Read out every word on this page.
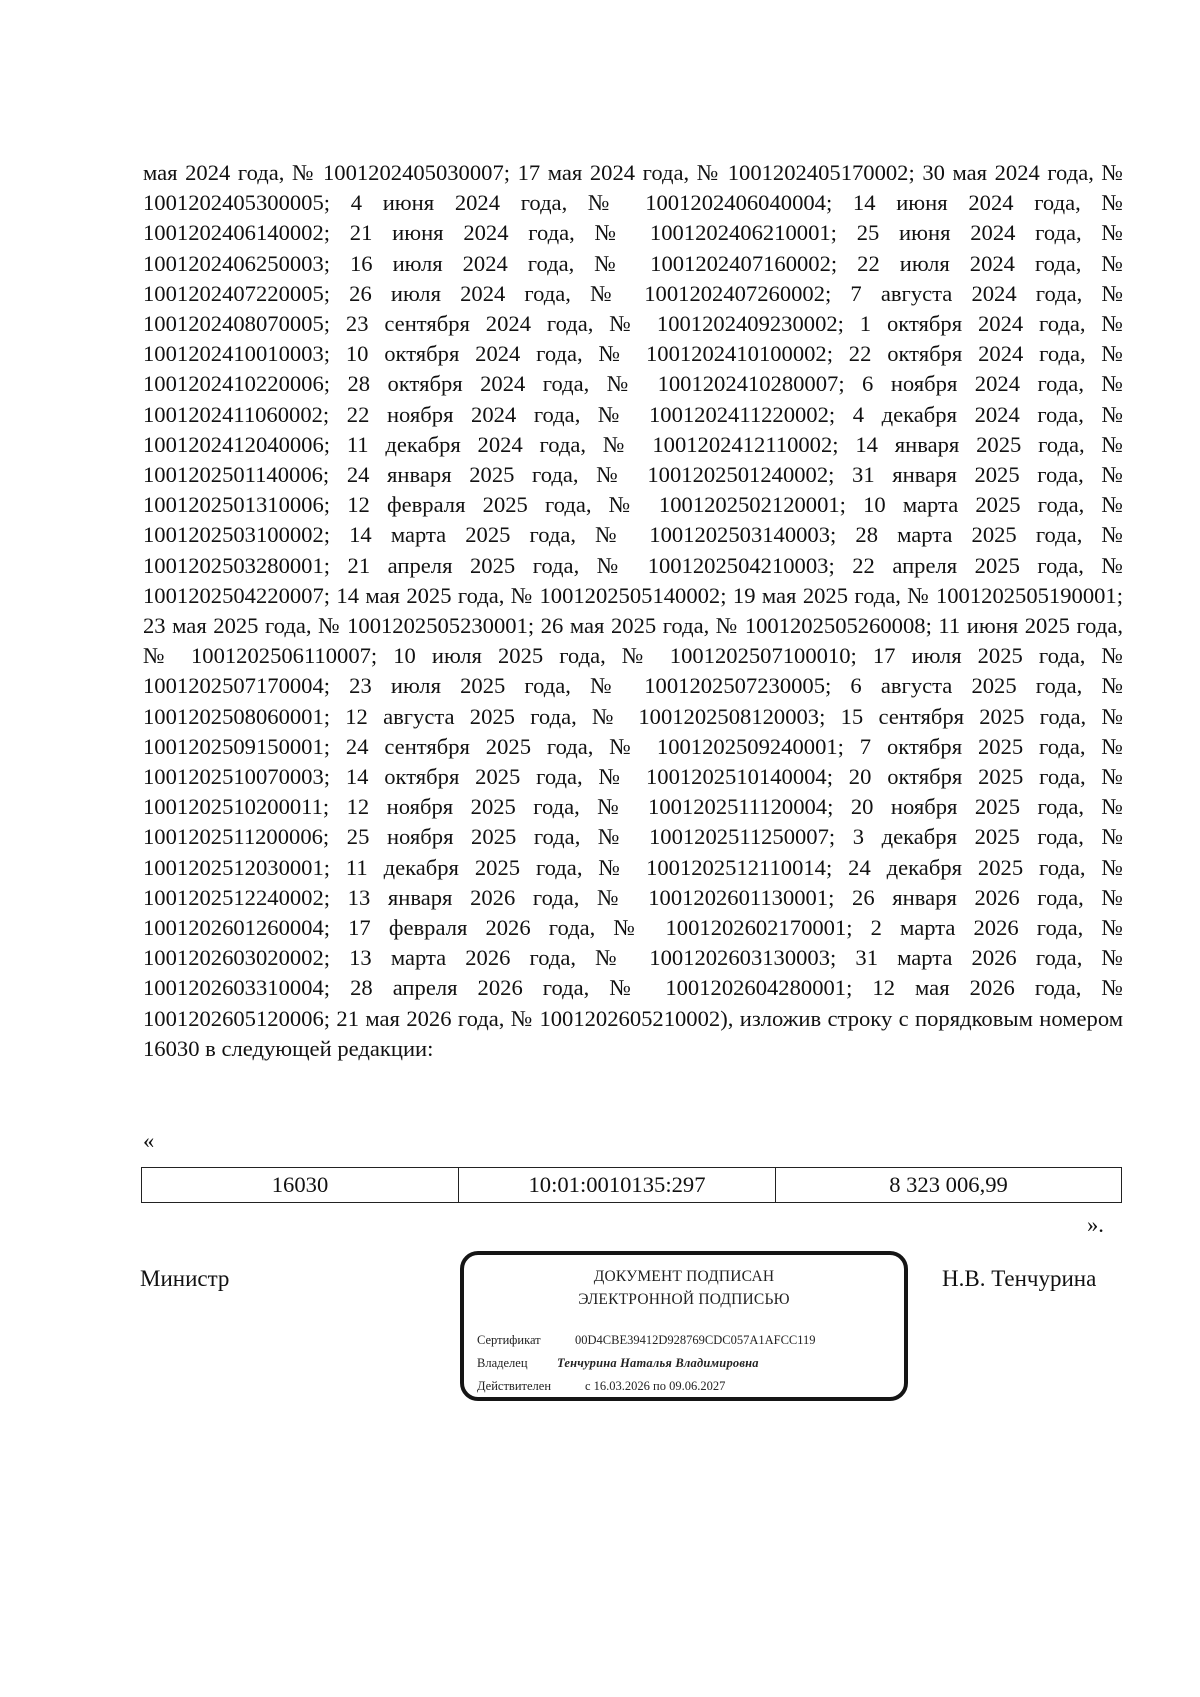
мая 2024 года, № 1001202405030007; 17 мая 2024 года, № 1001202405170002; 30 мая 2024 года, № 1001202405300005; 4 июня 2024 года, № 1001202406040004; 14 июня 2024 года, № 1001202406140002; 21 июня 2024 года, № 1001202406210001; 25 июня 2024 года, № 1001202406250003; 16 июля 2024 года, № 1001202407160002; 22 июля 2024 года, № 1001202407220005; 26 июля 2024 года, № 1001202407260002; 7 августа 2024 года, № 1001202408070005; 23 сентября 2024 года, № 1001202409230002; 1 октября 2024 года, № 1001202410010003; 10 октября 2024 года, № 1001202410100002; 22 октября 2024 года, № 1001202410220006; 28 октября 2024 года, № 1001202410280007; 6 ноября 2024 года, № 1001202411060002; 22 ноября 2024 года, № 1001202411220002; 4 декабря 2024 года, № 1001202412040006; 11 декабря 2024 года, № 1001202412110002; 14 января 2025 года, № 1001202501140006; 24 января 2025 года, № 1001202501240002; 31 января 2025 года, № 1001202501310006; 12 февраля 2025 года, № 1001202502120001; 10 марта 2025 года, № 1001202503100002; 14 марта 2025 года, № 1001202503140003; 28 марта 2025 года, № 1001202503280001; 21 апреля 2025 года, № 1001202504210003; 22 апреля 2025 года, № 1001202504220007; 14 мая 2025 года, № 1001202505140002; 19 мая 2025 года, № 1001202505190001; 23 мая 2025 года, № 1001202505230001; 26 мая 2025 года, № 1001202505260008; 11 июня 2025 года, № 1001202506110007; 10 июля 2025 года, № 1001202507100010; 17 июля 2025 года, № 1001202507170004; 23 июля 2025 года, № 1001202507230005; 6 августа 2025 года, № 1001202508060001; 12 августа 2025 года, № 1001202508120003; 15 сентября 2025 года, № 1001202509150001; 24 сентября 2025 года, № 1001202509240001; 7 октября 2025 года, № 1001202510070003; 14 октября 2025 года, № 1001202510140004; 20 октября 2025 года, № 1001202510200011; 12 ноября 2025 года, № 1001202511120004; 20 ноября 2025 года, № 1001202511200006; 25 ноября 2025 года, № 1001202511250007; 3 декабря 2025 года, № 1001202512030001; 11 декабря 2025 года, № 1001202512110014; 24 декабря 2025 года, № 1001202512240002; 13 января 2026 года, № 1001202601130001; 26 января 2026 года, № 1001202601260004; 17 февраля 2026 года, № 1001202602170001; 2 марта 2026 года, № 1001202603020002; 13 марта 2026 года, № 1001202603130003; 31 марта 2026 года, № 1001202603310004; 28 апреля 2026 года, № 1001202604280001; 12 мая 2026 года, № 1001202605120006; 21 мая 2026 года, № 1001202605210002), изложив строку с порядковым номером 16030 в следующей редакции:

«
16030	10:01:0010135:297	8 323 006,99
».
Министр	ДОКУМЕНТ ПОДПИСАН
ЭЛЕКТРОННОЙ ПОДПИСЬЮ
Сертификат	00D4CBE39412D928769CDC057A1AFCC119
Владелец Тенчурина Наталья Владимировна
Действителен	с 16.03.2026 по 09.06.2027
Н.В. Тенчурина
